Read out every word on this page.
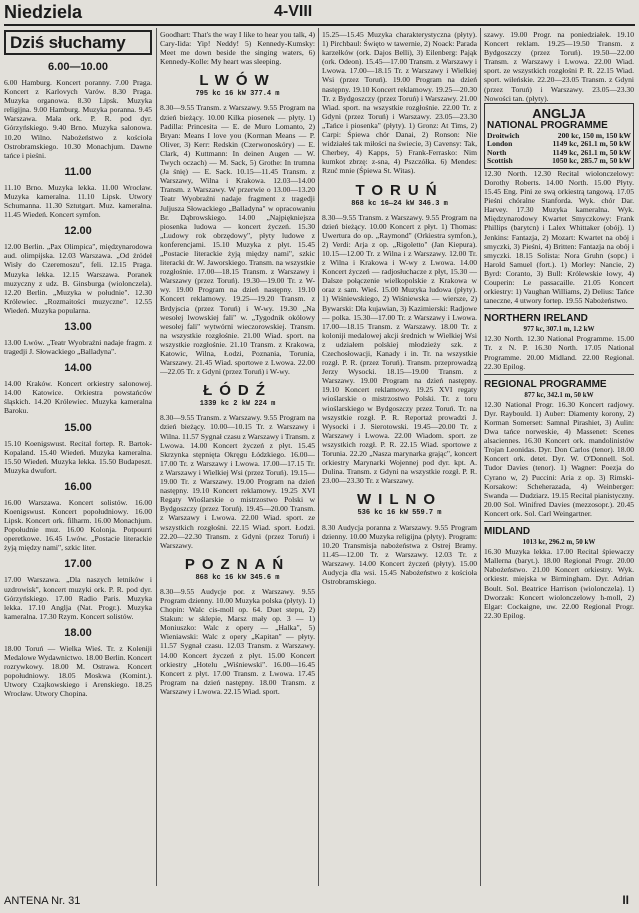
Niedziela	4-VIII
Dziś słuchamy
6.00—10.00

6.00 Hamburg. Koncert poranny. 7.00 Praga. Koncert z Karlovych Varów. 8.30 Praga. Muzyka organowa. 8.30 Lipsk. Muzyka religijna. 9.00 Hamburg. Muzyka poranna. 9.45 Warszawa. Mała ork. P. R. pod dyr. Górzyńskiego. 9.40 Brno. Muzyka salonowa. 10.20 Wilno. Nabożeństwo z kościoła Ostrobramskiego. 10.30 Monachjum. Dawne tańce i pieśni.

11.00

11.10 Brno. Muzyka lekka. 11.00 Wrocław. Muzyka kameralna. 11.10 Lipsk. Utwory Schumanna. 11.30 Sztutgart. Muz. kameralna. 11.45 Wiedeń. Koncert symfon.

12.00

12.00 Berlin. „Pax Olimpica", międzynarodowa aud. olimpijska. 12.03 Warszawa. „Od źródeł Wisły do Czeremoszu", feli. 12.15 Praga. Muzyka lekka. 12.15 Warszawa. Poranek muzyczny z udz. B. Ginsburga (wiolonczela). 12.20 Berlin. „Muzyka w południe". 12.30 Królewiec. „Rozmaitości muzyczne". 12.55 Wiedeń. Muzyka popularna.

13.00

13.00 Lwów. „Teatr Wyobraźni nadaje fragm. z tragedji J. Słowackiego „Balladyna".

14.00

14.00 Kraków. Koncert orkiestry salonowej. 14.00 Katowice. Orkiestra powstańców śląskich. 14.20 Królewiec. Muzyka kameralna Baroku.

15.00

15.10 Koenigswust. Recital fortep. R. Bartok-Kopaland. 15.40 Wiedeń. Muzyka kameralna. 15.50 Wiedeń. Muzyka lekka. 15.50 Budapeszt. Muzyka dwufort.

16.00

16.00 Warszawa. Koncert solistów. 16.00 Koenigswust. Koncert popołudniowy. 16.00 Lipsk. Koncert ork. filharm. 16.00 Monachjum. Popołudnie muz. 16.00 Kolonja. Potpourri operetkowe. 16.45 Lwów. „Postacie literackie żyją między nami", szkic liter.

17.00

17.00 Warszawa. „Dla naszych letników i uzdrowisk", koncert muzyki ork. P. R. pod dyr. Górzyńskiego. 17.00 Radio Paris. Muzyka lekka. 17.10 Anglja (Nat. Progr.). Muzyka kameralna. 17.30 Rzym. Koncert solistów.

18.00

18.00 Toruń — Wielka Wieś. Tr. z Koleniji Medalowe Wydawnictwo. 18.00 Berlin. Koncert rozrywkowy. 18.00 M. Ostrawa. Koncert popołudniowy. 18.05 Moskwa (Komint.). Utwory Czajkowskiego i Arenskiego. 18.25 Wrocław. Utwory Chopina.

Goodhart: That's the way I like to hear you talk, 4) Cary-Iida: Yip! Neddy! 5) Kennedy-Kumsky: Meet me down beside the singing waters, 6) Kennedy-Kolle: My heart was sleeping.

LWÓW
795 kc 16 kW 377.4 m

8.30—9.55 Transm. z Warszawy. 9.55 Program na dzień bieżący. 10.00 Kilka piosenek — płyty. 1) Padilla: Princesita — E. de Muro Lomanto, 2) Bryan: Means I love you (Korman Means — P. Oliver, 3) Kerr: Redskin (Czerwonoskóry) — E. Clark, 4) Kuttmann: In deinen Augen — W. Twych oczach) — M. Sack, 5) Grothe: In trumna (Ja śnię) — E. Sack. 10.15—11.45 Transm. z Warszawy, Wilna i Krakowa. 12.03—14.00 Transm. z Warszawy. W przerwie o 13.00—13.20 Teatr Wyobraźni nadaje fragment z tragedji Juljusza Słowackiego „Balladyna" w opracowaniu Br. Dąbrowskiego. 14.00 „Najpiękniejsza piosenka ludowa — koncert życzeń. 15.30 „Ludowy rok obrzędowy", płyty ludowe z konferencjami. 15.10 Muzyka z płyt. 15.45 „Postacie literackie żyją między nami", szkic literacki dr. W. Jaworskiego. Transm. na wszystkie rozgłośnie. 17.00—18.15 Transm. z Warszawy i Warszawy (przez Toruń). 19.30—19.00 Tr. z W-wy. 19.00 Program na dzień następny. 19.10 Koncert reklamowy. 19.25—19.20 Transm. z Brdyjscia (przez Toruń) i W-wy. 19.30 „Na wesołej lwowskiej fali" w. „Tygodnik okólowy wesołej fali" wytwórni wieczorowskiej. Transm. na wszystkie rozgłośnie. 21.00 Wiad. sport. na wszystkie rozgłośnie. 21.10 Transm. z Krakowa, Katowic, Wilna, Łodzi, Poznania, Torunia, Warszawy. 21.45 Wiad. sportowe z Lwowa. 22.00—22.05 Tr. z Gdyni (przez Toruń) i W-wy.

ŁÓDŹ
1339 kc 2 kW 224 m

8.30—9.55 Transm. z Warszawy. 9.55 Program na dzień bieżący. 10.00—10.15 Tr. z Warszawy i Wilna. 11.57 Sygnał czasu z Warszawy i Transm. z Lwowa. 14.00 Koncert życzeń z płyt. 15.45 Skrzynka stępnięta Okręgu Łódzkiego. 16.00—17.00 Tr. z Warszawy i Lwowa. 17.00—17.15 Tr. z Warszawy i Wielkiej Wsi (przez Toruń). 19.15—19.00 Tr. z Warszawy. 19.00 Program na dzień następny. 19.10 Koncert reklamowy. 19.25 XVI Regaty Wioślarskie o mistrzostwo Polski w Bydgoszczy (przez Toruń). 19.45—20.00 Transm. z Warszawy i Lwowa. 22.00 Wiad. sport. ze wszystkich rozgłośni. 22.15 Wiad. sport. Łodzi. 22.20—22.30 Transm. z Gdyni (przez Toruń) i Warszawy.

POZNAŃ
868 kc 16 kW 345.6 m

8.30—9.55 Audycje por. z Warszawy. 9.55 Program dzienny. 10.00 Muzyka polska (płyty). 1) Chopin: Walc cis-moll op. 64. Duet stepu, 2) Stakun: w sklepie, Marsz mały op. 3 — 1) Moniuszko: Walc z opery — „Halka", 5) Wieniawski: Walc z opery „Kapitan" — płyty. 11.57 Sygnał czasu. 12.03 Transm. z Warszawy. 14.00 Koncert życzeń z płyt. 15.00 Koncert orkiestry „Hotelu „Wiśniewski". 16.00—16.45 Koncert z płyt. 17.00 Transm. z Lwowa. 17.45 Program na dzień następny. 18.00 Transm. z Warszawy i Lwowa. 22.15 Wiad. sport.

15.25—15.45 Muzyka charakterystyczna (płyty). 1) Pirchbaul: Święto w tawernie, 2) Noack: Parada karzełków (ork. Dajos Belli), 3) Eilenberg: Pająk (ork. Odeon). 15.45—17.00 Transm. z Warszawy i Lwowa. 17.00—18.15 Tr. z Warszawy i Wielkiej Wsi (przez Toruń). 19.00 Program na dzień następny. 19.10 Koncert reklamowy. 19.25—20.30 Tr. z Bydgoszczy (przez Toruń) i Warszawy. 21.00 Wiad. sport. na wszystkie rozgłośnie. 22.00 Tr. z Gdyni (przez Toruń) i Warszawy. 23.05—23.30 „Tańce i piosenka" (płyty). 1) Gronz: At Tims, 2) Carpi: Śpiewa chór Danai, 2) Ronson: Nie widziałeś tak miłości na świecie, 3) Cavensy: Tak, Cherbey, 4) Kapps, 5) Frank-Ferrasko: Nim kumkot zbrzę: z-sna, 4) Pszczółka. 6) Mendes: Rzuć mnie (Śpiewa St. Witas).

TORUŃ
868 kc 16—24 kW 346.3 m

8.30—9.55 Transm. z Warszawy. 9.55 Program na dzień bieżący. 10.00 Koncert z płyt. 1) Thomas: Uwertura do op. „Raymond" (Orkiestra symfon.), 2) Verdi: Arja z op. „Rigoletto" (Jan Kiepura). 10.15—12.00 Tr. z Wilna i z Warszawy. 12.00 Tr. z Wilna i Krakowa i W-wy z Lwowa. 14.00 Koncert życzeń — radjosłuchacze z płyt, 15.30 — Dalsze połączenie wielkopolskie z Krakowa w oraz z sam. Wieś. 15.00 Muzyka ludowa (płyty). 1) Wiśniewskiego, 2) Wiśniewska — wiersze, 2) Bywarski: Dla kujawian, 3) Kazimierski: Radjowe — polka. 15.30—17.00 Tr. z Warszawy i Lwowa. 17.00—18.15 Transm. z Warszawy. 18.00 Tr. z koloniji medalowej akcji średnich w Wielkiej Wsi z udziałem polskiej młodzieży szk. z Czechosłowacji, Kanady i in. Tr. na wszystkie rozgł. P. R. (przez Toruń). Transm. przeprowadzą Jerzy Wysocki. 18.15—19.00 Transm. z Warszawy. 19.00 Program na dzień następny. 19.10 Koncert reklamowy. 19.25 XVI regaty wioślarskie o mistrzostwo Polski. Tr. z toru wioślarskiego w Bydgoszczy przez Toruń. Tr. na wszystkie rozgł. P. R. Reportaż prowadzi J. Wysocki i J. Sierotowski. 19.45—20.00 Tr. z Warszawy i Lwowa. 22.00 Wiadom. sport. ze wszystkich rozgł. P. R. 22.15 Wiad. sportowe z Torunia. 22.20 „Nasza marynarka grając", koncert orkiestry Marynarki Wojennej pod dyr. kpt. A. Dulina. Transm. z Gdyni na wszystkie rozgł. P. R. 23.00—23.30 Tr. z Warszawy.

WILNO
536 kc 16 kW 559.7 m

8.30 Audycja poranna z Warszawy. 9.55 Program dzienny. 10.00 Muzyka religijna (płyty). Program: 10.20 Transmisja nabożeństwa z Ostrej Bramy. 11.45—12.00 Tr. z Warszawy. 12.03 Tr. z Warszawy. 14.00 Koncert życzeń (płyty). 15.00 Audycja dla wsi. 15.45 Nabożeństwo z kościoła Ostrobramskiego.

szawy. 19.00 Progr. na poniedziałek. 19.10 Koncert reklam. 19.25—19.50 Transm. z Bydgoszczy (przez Toruń). 19.50—22.00 Transm. z Warszawy i Lwowa. 22.00 Wiad. sport. ze wszystkich rozgłośni P. R. 22.15 Wiad. sport. wileńskie. 22.20—23.05 Transm. z Gdyni (przez Toruń) i Warszawy. 23.05—23.30 Nowości tan. (płyty).

ANGLJA
NATIONAL PROGRAMME
Droitwich	200 kc, 150 m, 150 kW
London	1149 kc, 261.1 m, 50 kW
North	1149 kc, 261.1 m, 50 kW
Scottish	1050 kc, 285.7 m, 50 kW

12.30 North. 12.30 Recital wiolonczelowy: Dorothy Roberts. 14.00 North. 15.00 Płyty. 15.45 Eng. Pini ze swą orkiestrą tangową. 17.05 Pieśni chóralne Stanforda. Wyk. chór Dar. Harvey. 17.30 Muzyka kameralna. Wyk. Międzynarodowy Kwartet Smyczkowy: Frank Phillips (barytcn) i Lalex Whittaker (obój). 1) Jenkins: Fantazja, 2) Mozart: Kwartet na obój i smyczki, 3) Pieśni, 4) Britten: Fantazja na obój i smyczki. 18.15 Solista: Nora Gruhn (sopr.) i Harold Samuel (fort.). 1) Morley: Nancie, 2) Byrd: Coranto, 3) Bull: Królewskie łowy, 4) Couperin: Le passacaille. 21.05 Koncert orkiestry: 1) Vaughan Williams, 2) Delius: Tańce taneczne, 4 utwory fortep. 19.55 Nabożeństwo.

NORTHERN IRELAND
977 kc, 307.1 m, 1.2 kW

12.30 North. 12.30 National Programme. 15.00 Tr. z N. P. 16.30 North. 17.05 National Programme. 20.00 Midland. 22.00 Regional. 22.30 Epilog.

REGIONAL PROGRAMME
877 kc, 342.1 m, 50 kW

12.30 National Progr. 16.30 Koncert radjowy. Dyr. Raybould. 1) Auber: Diamenty korony, 2) Korman Somerset: Samnal Pirashiet, 3) Aulin: Dwa tańce norweskie, 4) Massenet: Scenes alsaciennes. 16.30 Koncert ork. mandolinistów Trojan Leonidas. Dyr. Don Carlos (tenor). 18.00 Koncert ork. detet. Dyr. W. O'Donnell. Sol. Tudor Davies (tenor). 1) Wagner: Poezja do Cyrano w, 2) Puccini: Aria z op. 3) Rimski-Korsakow: Scheherazada, 4) Weinberger: Swanda — Dudziarz. 19.15 Recital pianistyczny. 20.00 Sol. Winifred Davies (mezzosopr.). 20.45 Koncert ork. Sol. Carl Weingartner.

MIDLAND
1013 kc, 296.2 m, 50 kW

16.30 Muzyka lekka. 17.00 Recital śpiewaczy Mallerna (baryt.). 18.00 Regional Progr. 20.00 Nabożeństwo. 21.00 Koncert orkiestry. Wyk. orkiestr. miejska w Birmingham. Dyr. Adrian Boult. Sol. Beatrice Harrison (wiolonczela). 1) Dworzak: Koncert wiolonczelowy h-moll, 2) Elgar: Cockaigne, uw. 22.00 Regional Progr. 22.30 Epilog.

ANTENA Nr. 31	II
